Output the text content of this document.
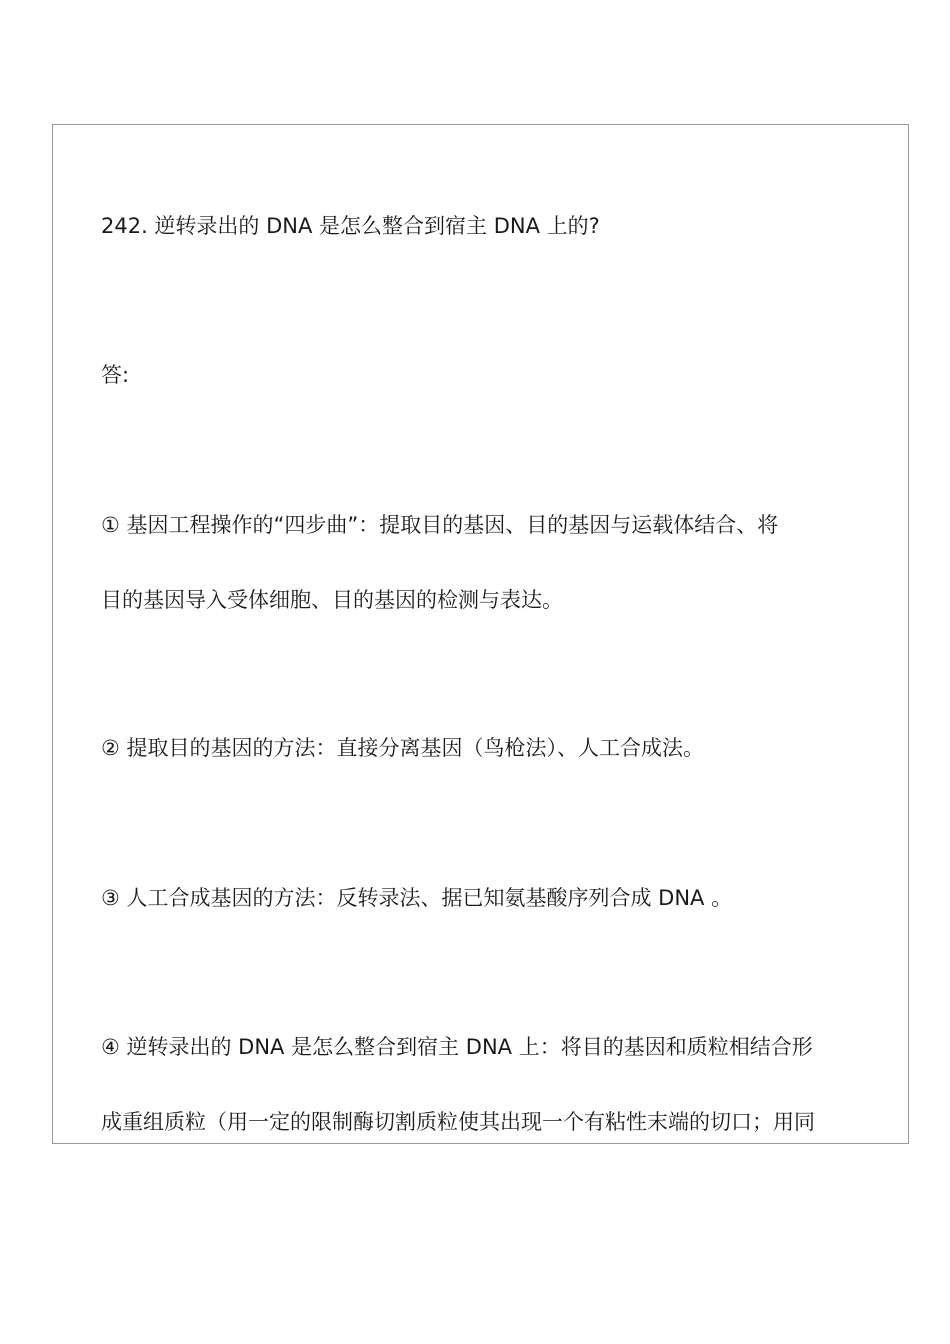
242. 逆转录出的 DNA 是怎么整合到宿主 DNA 上的?
答:
① 基因工程操作的“四步曲”：提取目的基因、目的基因与运载体结合、将
目的基因导入受体细胞、目的基因的检测与表达。
② 提取目的基因的方法：直接分离基因（鸟枪法）、人工合成法。
③ 人工合成基因的方法：反转录法、据已知氨基酸序列合成 DNA 。
④ 逆转录出的 DNA 是怎么整合到宿主 DNA 上：将目的基因和质粒相结合形
成重组质粒（用一定的限制酶切割质粒使其出现一个有粘性末端的切口；用同
